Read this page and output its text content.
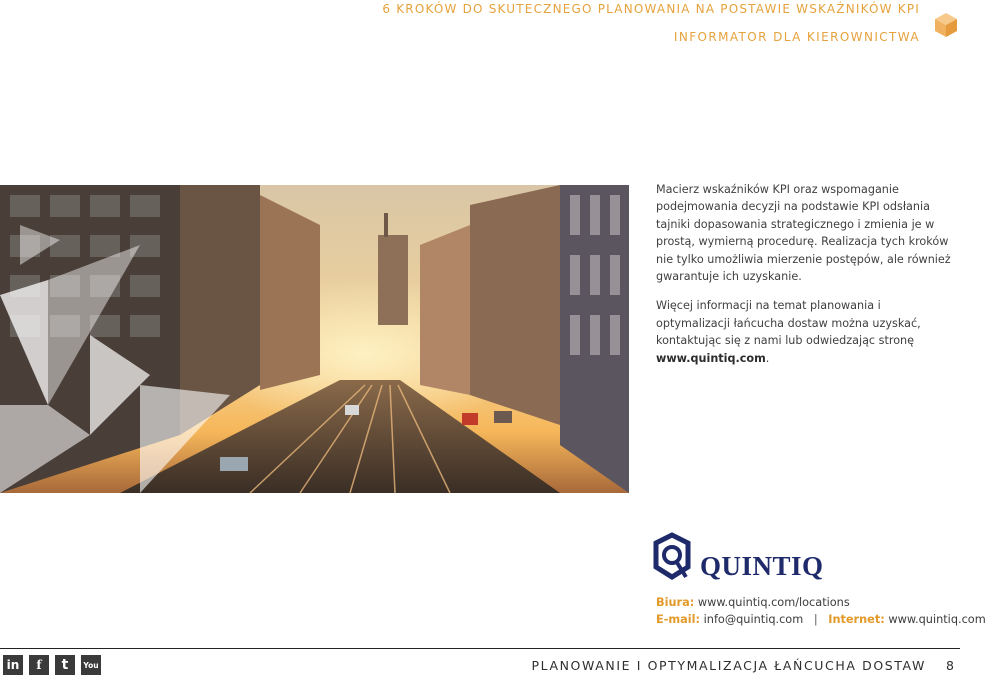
6 KROKÓW DO SKUTECZNEGO PLANOWANIA NA POSTAWIE WSKAŹNIKÓW KPI
INFORMATOR DLA KIEROWNICTWA

Macierz wskaźników KPI oraz wspomaganie podejmowania decyzji na podstawie KPI odsłania tajniki dopasowania strategicznego i zmienia je w prostą, wymierną procedurę. Realizacja tych kroków nie tylko umożliwia mierzenie postępów, ale również gwarantuje ich uzyskanie.

Więcej informacji na temat planowania i optymalizacji łańcucha dostaw można uzyskać, kontaktując się z nami lub odwiedzając stronę www.quintiq.com.

QUINTIQ
Biura: www.quintiq.com/locations
E-mail: info@quintiq.com | Internet: www.quintiq.com
in	f	t	You	PLANOWANIE I OPTYMALIZACJA ŁAŃCUCHA DOSTAW 8
